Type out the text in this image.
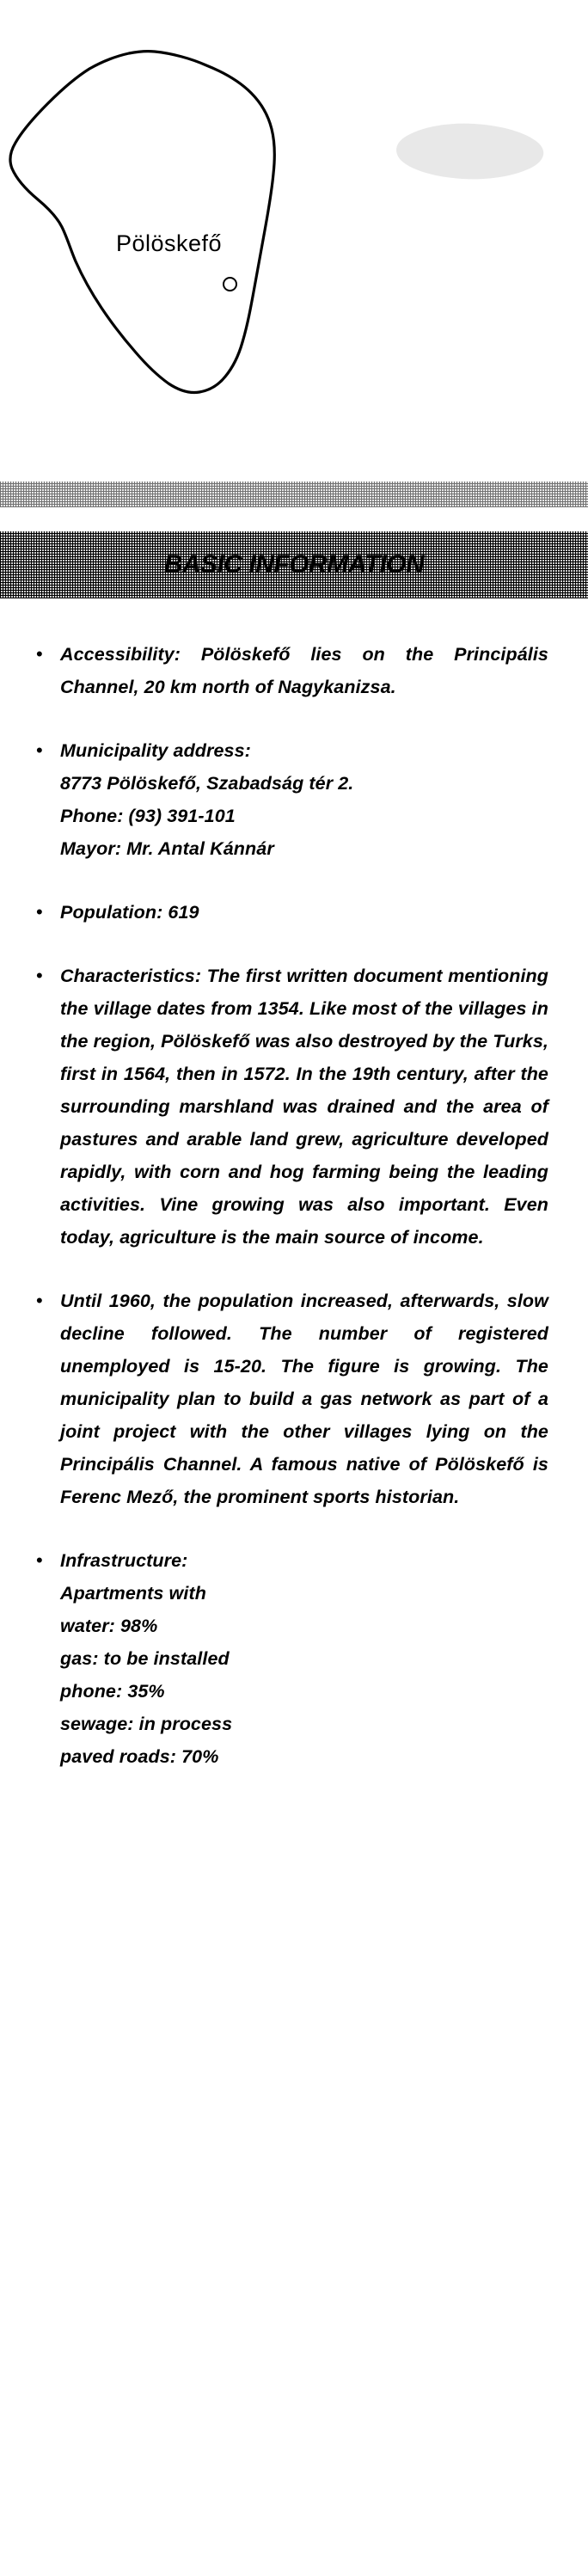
Pölöskefő
BASIC INFORMATION
• Accessibility: Pölöskefő lies on the Principális Channel, 20 km north of Nagykanizsa.
• Municipality address:
8773 Pölöskefő, Szabadság tér 2.
Phone: (93) 391-101
Mayor: Mr. Antal Kánnár
• Population: 619
• Characteristics: The first written document mentioning the village dates from 1354. Like most of the villages in the region, Pölöskefő was also destroyed by the Turks, first in 1564, then in 1572. In the 19th century, after the surrounding marshland was drained and the area of pastures and arable land grew, agriculture developed rapidly, with corn and hog farming being the leading activities. Vine growing was also important. Even today, agriculture is the main source of income.
• Until 1960, the population increased, afterwards, slow decline followed. The number of registered unemployed is 15-20. The figure is growing. The municipality plan to build a gas network as part of a joint project with the other villages lying on the Principális Channel. A famous native of Pölöskefő is Ferenc Mező, the prominent sports historian.
• Infrastructure:
Apartments with
water: 98%
gas: to be installed
phone: 35%
sewage: in process
paved roads: 70%
